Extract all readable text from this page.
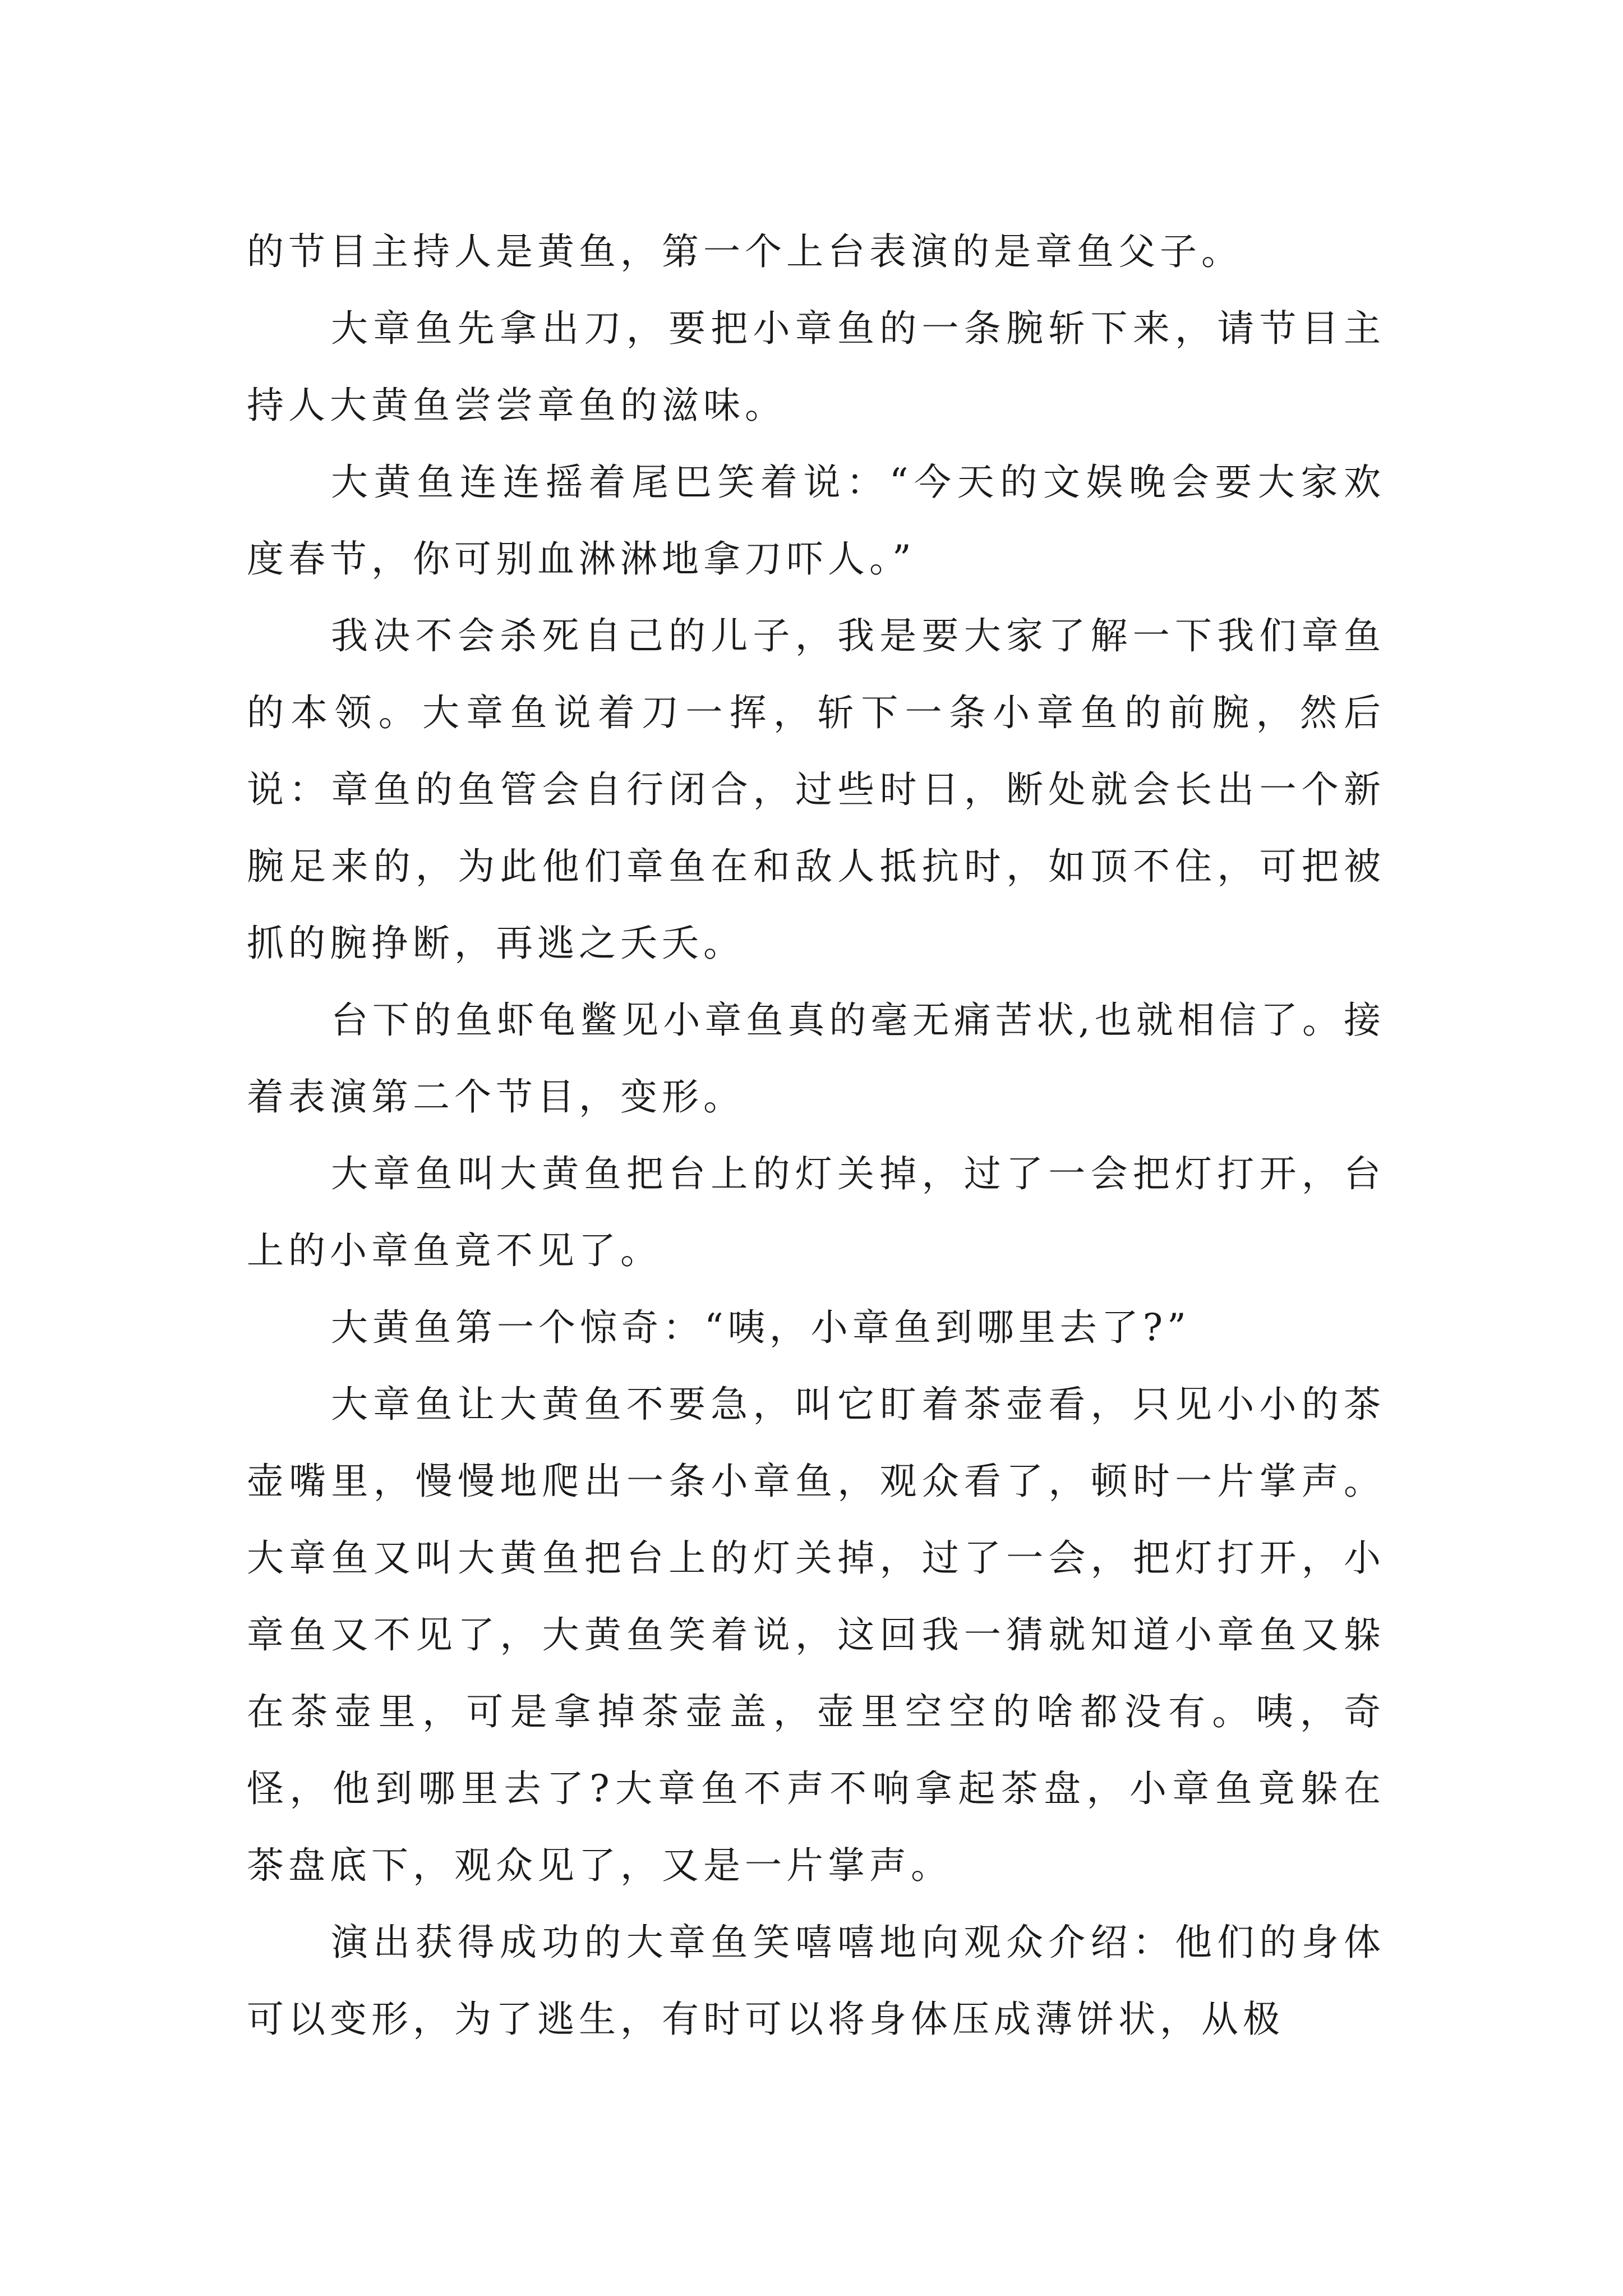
的节目主持人是黄鱼，第一个上台表演的是章鱼父子。

大章鱼先拿出刀，要把小章鱼的一条腕斩下来，请节目主持人大黄鱼尝尝章鱼的滋味。

大黄鱼连连摇着尾巴笑着说：“今天的文娱晚会要大家欢度春节，你可别血淋淋地拿刀吓人。”

我决不会杀死自己的儿子，我是要大家了解一下我们章鱼的本领。大章鱼说着刀一挥，斩下一条小章鱼的前腕，然后说：章鱼的鱼管会自行闭合，过些时日，断处就会长出一个新腕足来的，为此他们章鱼在和敌人抵抗时，如顶不住，可把被抓的腕挣断，再逃之夭夭。

台下的鱼虾龟鳖见小章鱼真的毫无痛苦状,也就相信了。接着表演第二个节目，变形。

大章鱼叫大黄鱼把台上的灯关掉，过了一会把灯打开，台上的小章鱼竟不见了。

大黄鱼第一个惊奇：“咦，小章鱼到哪里去了?”

大章鱼让大黄鱼不要急，叫它盯着茶壶看，只见小小的茶壶嘴里，慢慢地爬出一条小章鱼，观众看了，顿时一片掌声。大章鱼又叫大黄鱼把台上的灯关掉，过了一会，把灯打开，小章鱼又不见了，大黄鱼笑着说，这回我一猜就知道小章鱼又躲在茶壶里，可是拿掉茶壶盖，壶里空空的啥都没有。咦，奇怪，他到哪里去了?大章鱼不声不响拿起茶盘，小章鱼竟躲在茶盘底下，观众见了，又是一片掌声。

演出获得成功的大章鱼笑嘻嘻地向观众介绍：他们的身体可以变形，为了逃生，有时可以将身体压成薄饼状，从极
